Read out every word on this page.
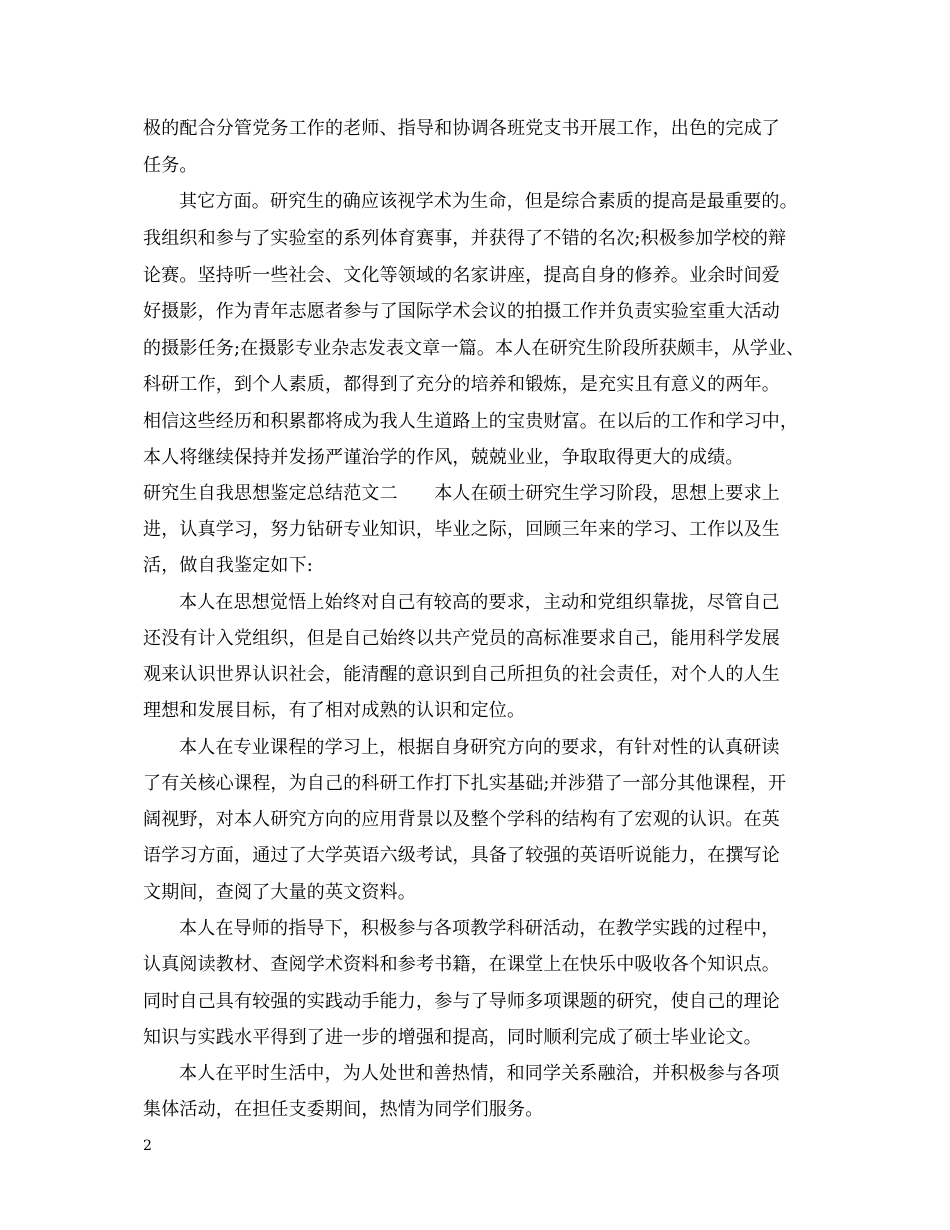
极的配合分管党务工作的老师、指导和协调各班党支书开展工作，出色的完成了
任务。
其它方面。研究生的确应该视学术为生命，但是综合素质的提高是最重要的。
我组织和参与了实验室的系列体育赛事，并获得了不错的名次;积极参加学校的辩
论赛。坚持听一些社会、文化等领域的名家讲座，提高自身的修养。业余时间爱
好摄影，作为青年志愿者参与了国际学术会议的拍摄工作并负责实验室重大活动
的摄影任务;在摄影专业杂志发表文章一篇。本人在研究生阶段所获颇丰，从学业、
科研工作，到个人素质，都得到了充分的培养和锻炼，是充实且有意义的两年。
相信这些经历和积累都将成为我人生道路上的宝贵财富。在以后的工作和学习中，
本人将继续保持并发扬严谨治学的作风，兢兢业业，争取取得更大的成绩。
研究生自我思想鉴定总结范文二　　本人在硕士研究生学习阶段，思想上要求上
进，认真学习，努力钻研专业知识，毕业之际，回顾三年来的学习、工作以及生
活，做自我鉴定如下:
本人在思想觉悟上始终对自己有较高的要求，主动和党组织靠拢，尽管自己
还没有计入党组织，但是自己始终以共产党员的高标准要求自己，能用科学发展
观来认识世界认识社会，能清醒的意识到自己所担负的社会责任，对个人的人生
理想和发展目标，有了相对成熟的认识和定位。
本人在专业课程的学习上，根据自身研究方向的要求，有针对性的认真研读
了有关核心课程，为自己的科研工作打下扎实基础;并涉猎了一部分其他课程，开
阔视野，对本人研究方向的应用背景以及整个学科的结构有了宏观的认识。在英
语学习方面，通过了大学英语六级考试，具备了较强的英语听说能力，在撰写论
文期间，查阅了大量的英文资料。
本人在导师的指导下，积极参与各项教学科研活动，在教学实践的过程中，
认真阅读教材、查阅学术资料和参考书籍，在课堂上在快乐中吸收各个知识点。
同时自己具有较强的实践动手能力，参与了导师多项课题的研究，使自己的理论
知识与实践水平得到了进一步的增强和提高，同时顺利完成了硕士毕业论文。
本人在平时生活中，为人处世和善热情，和同学关系融洽，并积极参与各项
集体活动，在担任支委期间，热情为同学们服务。
2
